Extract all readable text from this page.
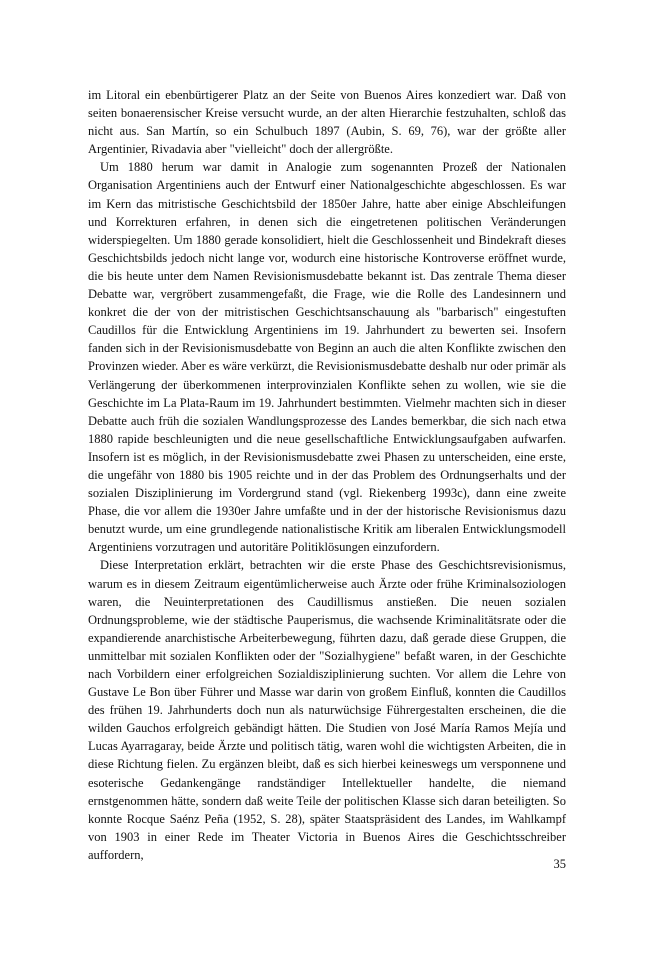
im Litoral ein ebenbürtigerer Platz an der Seite von Buenos Aires konzediert war. Daß von seiten bonaerensischer Kreise versucht wurde, an der alten Hierarchie festzuhalten, schloß das nicht aus. San Martín, so ein Schulbuch 1897 (Aubin, S. 69, 76), war der größte aller Argentinier, Rivadavia aber "vielleicht" doch der allergrößte.

Um 1880 herum war damit in Analogie zum sogenannten Prozeß der Nationalen Organisation Argentiniens auch der Entwurf einer Nationalgeschichte abgeschlossen. Es war im Kern das mitristische Geschichtsbild der 1850er Jahre, hatte aber einige Abschleifungen und Korrekturen erfahren, in denen sich die eingetretenen politischen Veränderungen widerspiegelten. Um 1880 gerade konsolidiert, hielt die Geschlossenheit und Bindekraft dieses Geschichtsbilds jedoch nicht lange vor, wodurch eine historische Kontroverse eröffnet wurde, die bis heute unter dem Namen Revisionismusdebatte bekannt ist. Das zentrale Thema dieser Debatte war, vergröbert zusammengefaßt, die Frage, wie die Rolle des Landesinnern und konkret die der von der mitristischen Geschichtsanschauung als "barbarisch" eingestuften Caudillos für die Entwicklung Argentiniens im 19. Jahrhundert zu bewerten sei. Insofern fanden sich in der Revisionismusdebatte von Beginn an auch die alten Konflikte zwischen den Provinzen wieder. Aber es wäre verkürzt, die Revisionismusdebatte deshalb nur oder primär als Verlängerung der überkommenen interprovinzialen Konflikte sehen zu wollen, wie sie die Geschichte im La Plata-Raum im 19. Jahrhundert bestimmten. Vielmehr machten sich in dieser Debatte auch früh die sozialen Wandlungsprozesse des Landes bemerkbar, die sich nach etwa 1880 rapide beschleunigten und die neue gesellschaftliche Entwicklungsaufgaben aufwarfen. Insofern ist es möglich, in der Revisionismusdebatte zwei Phasen zu unterscheiden, eine erste, die ungefähr von 1880 bis 1905 reichte und in der das Problem des Ordnungserhalts und der sozialen Disziplinierung im Vordergrund stand (vgl. Riekenberg 1993c), dann eine zweite Phase, die vor allem die 1930er Jahre umfaßte und in der der historische Revisionismus dazu benutzt wurde, um eine grundlegende nationalistische Kritik am liberalen Entwicklungsmodell Argentiniens vorzutragen und autoritäre Politiklösungen einzufordern.

Diese Interpretation erklärt, betrachten wir die erste Phase des Geschichtsrevisionismus, warum es in diesem Zeitraum eigentümlicherweise auch Ärzte oder frühe Kriminalsoziologen waren, die Neuinterpretationen des Caudillismus anstießen. Die neuen sozialen Ordnungsprobleme, wie der städtische Pauperismus, die wachsende Kriminalitätsrate oder die expandierende anarchistische Arbeiterbewegung, führten dazu, daß gerade diese Gruppen, die unmittelbar mit sozialen Konflikten oder der "Sozialhygiene" befaßt waren, in der Geschichte nach Vorbildern einer erfolgreichen Sozialdisziplinierung suchten. Vor allem die Lehre von Gustave Le Bon über Führer und Masse war darin von großem Einfluß, konnten die Caudillos des frühen 19. Jahrhunderts doch nun als naturwüchsige Führergestalten erscheinen, die die wilden Gauchos erfolgreich gebändigt hätten. Die Studien von José María Ramos Mejía und Lucas Ayarragaray, beide Ärzte und politisch tätig, waren wohl die wichtigsten Arbeiten, die in diese Richtung fielen. Zu ergänzen bleibt, daß es sich hierbei keineswegs um versponnene und esoterische Gedankengänge randständiger Intellektueller handelte, die niemand ernstgenommen hätte, sondern daß weite Teile der politischen Klasse sich daran beteiligten. So konnte Rocque Saénz Peña (1952, S. 28), später Staatspräsident des Landes, im Wahlkampf von 1903 in einer Rede im Theater Victoria in Buenos Aires die Geschichtsschreiber auffordern,

35
